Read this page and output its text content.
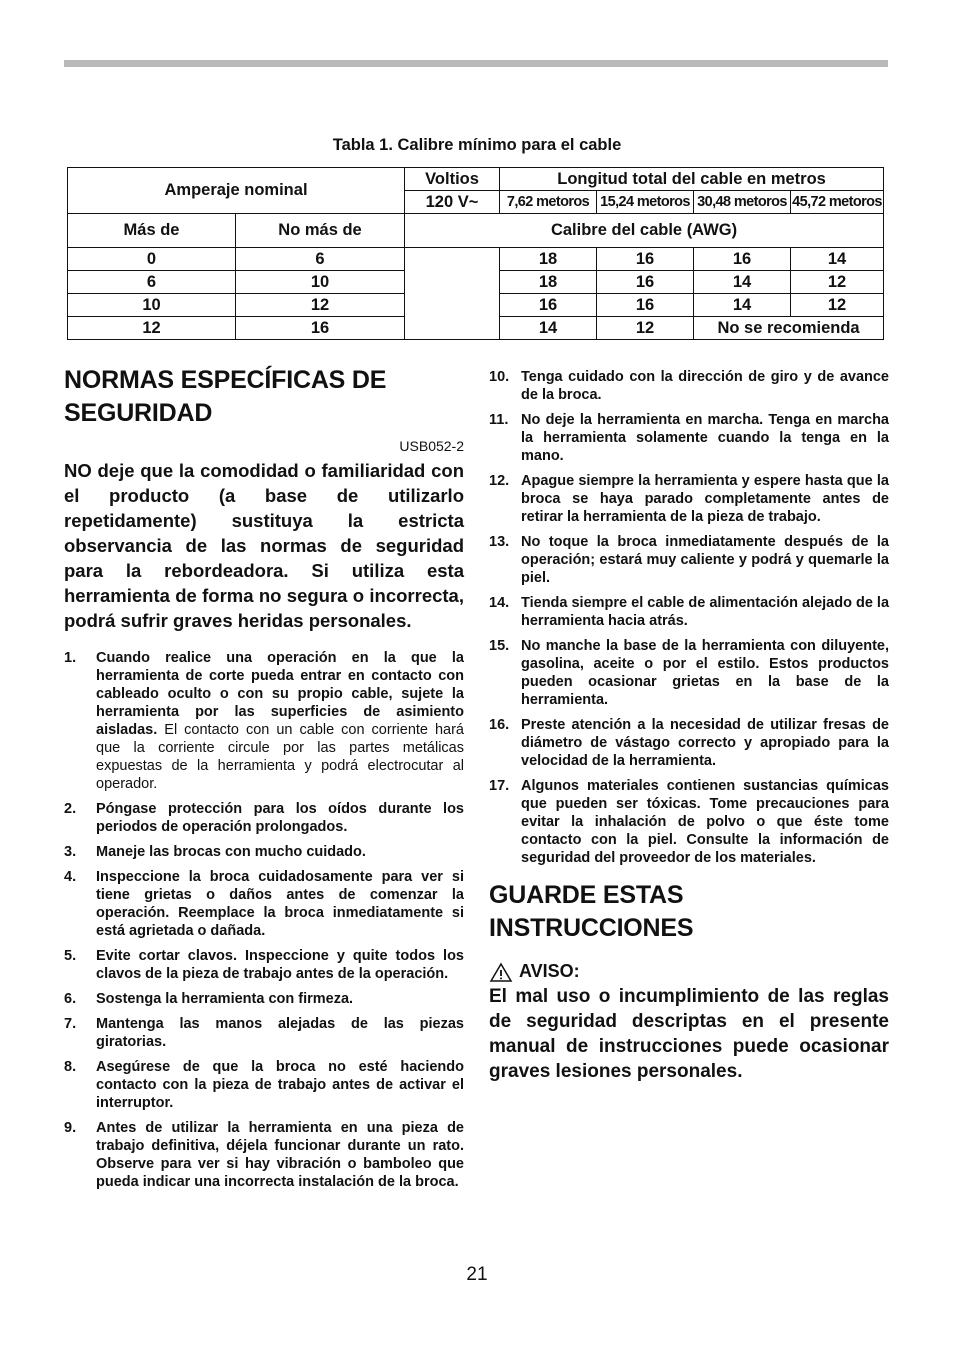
Tabla 1. Calibre mínimo para el cable
Amperaje nominal		Voltios	Longitud total del cable en metros			
		120 V~	7,62 metoros	15,24 metoros	30,48 metoros	45,72 metoros
Más de	No más de	Calibre del cable (AWG)				
0	6		18	16	16	14
6	10		18	16	14	12
10	12		16	16	14	12
12	16		14	12	No se recomienda	
NORMAS ESPECÍFICAS DE SEGURIDAD
USB052-2
NO deje que la comodidad o familiaridad con el producto (a base de utilizarlo repetidamente) sustituya la estricta observancia de las normas de seguridad para la rebordeadora. Si utiliza esta herramienta de forma no segura o incorrecta, podrá sufrir graves heridas personales.
1. Cuando realice una operación en la que la herramienta de corte pueda entrar en contacto con cableado oculto o con su propio cable, sujete la herramienta por las superficies de asimiento aisladas. El contacto con un cable con corriente hará que la corriente circule por las partes metálicas expuestas de la herramienta y podrá electrocutar al operador.
2. Póngase protección para los oídos durante los periodos de operación prolongados.
3. Maneje las brocas con mucho cuidado.
4. Inspeccione la broca cuidadosamente para ver si tiene grietas o daños antes de comenzar la operación. Reemplace la broca inmediatamente si está agrietada o dañada.
5. Evite cortar clavos. Inspeccione y quite todos los clavos de la pieza de trabajo antes de la operación.
6. Sostenga la herramienta con firmeza.
7. Mantenga las manos alejadas de las piezas giratorias.
8. Asegúrese de que la broca no esté haciendo contacto con la pieza de trabajo antes de activar el interruptor.
9. Antes de utilizar la herramienta en una pieza de trabajo definitiva, déjela funcionar durante un rato. Observe para ver si hay vibración o bamboleo que pueda indicar una incorrecta instalación de la broca.
10. Tenga cuidado con la dirección de giro y de avance de la broca.
11. No deje la herramienta en marcha. Tenga en marcha la herramienta solamente cuando la tenga en la mano.
12. Apague siempre la herramienta y espere hasta que la broca se haya parado completamente antes de retirar la herramienta de la pieza de trabajo.
13. No toque la broca inmediatamente después de la operación; estará muy caliente y podrá y quemarle la piel.
14. Tienda siempre el cable de alimentación alejado de la herramienta hacia atrás.
15. No manche la base de la herramienta con diluyente, gasolina, aceite o por el estilo. Estos productos pueden ocasionar grietas en la base de la herramienta.
16. Preste atención a la necesidad de utilizar fresas de diámetro de vástago correcto y apropiado para la velocidad de la herramienta.
17. Algunos materiales contienen sustancias químicas que pueden ser tóxicas. Tome precauciones para evitar la inhalación de polvo o que éste tome contacto con la piel. Consulte la información de seguridad del proveedor de los materiales.
GUARDE ESTAS INSTRUCCIONES
AVISO:
El mal uso o incumplimiento de las reglas de seguridad descriptas en el presente manual de instrucciones puede ocasionar graves lesiones personales.
21
